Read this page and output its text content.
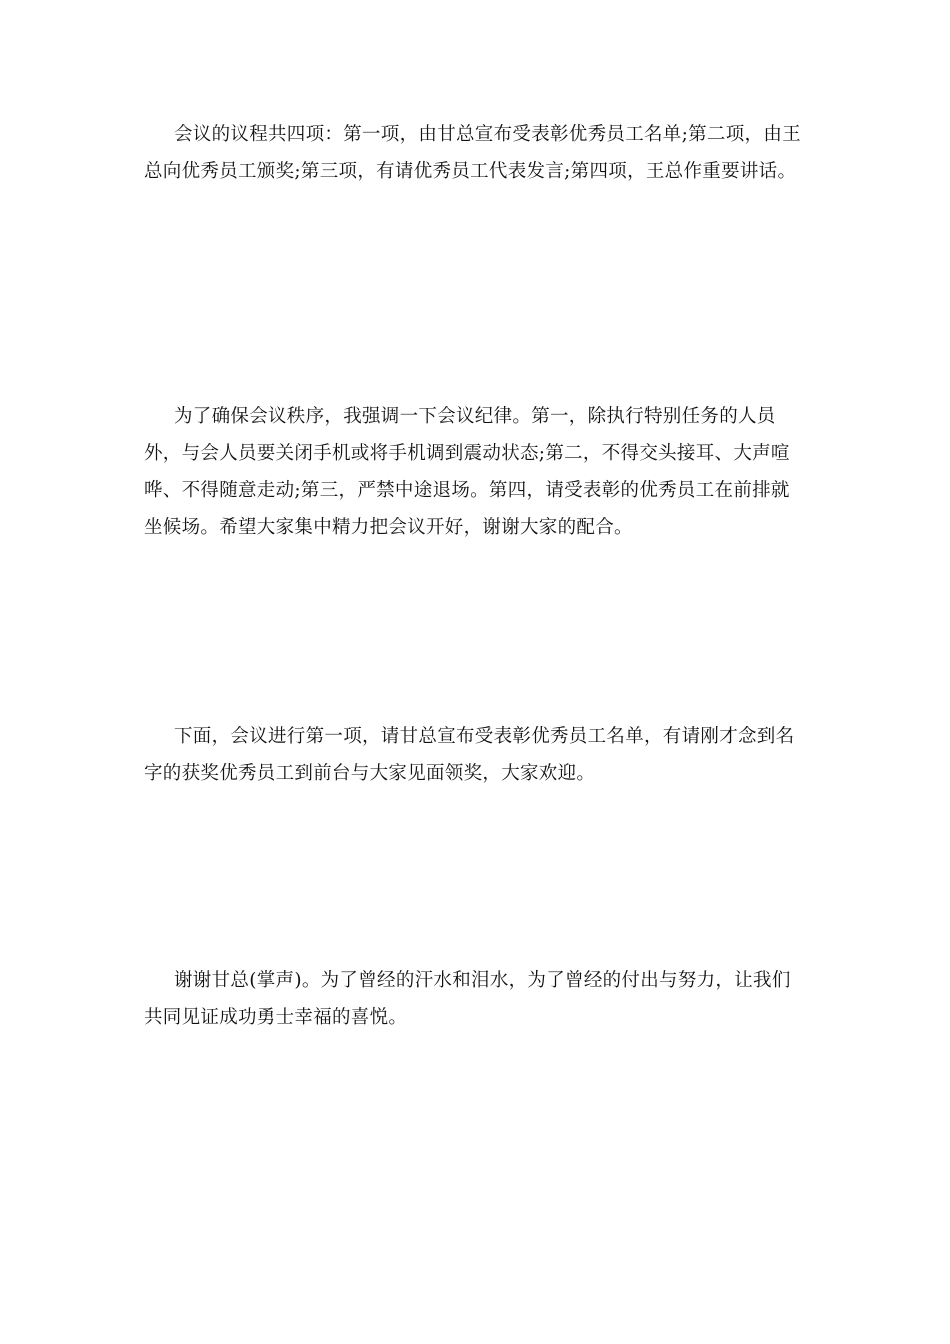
会议的议程共四项：第一项，由甘总宣布受表彰优秀员工名单;第二项，由王总向优秀员工颁奖;第三项，有请优秀员工代表发言;第四项，王总作重要讲话。

为了确保会议秩序，我强调一下会议纪律。第一，除执行特别任务的人员外，与会人员要关闭手机或将手机调到震动状态;第二，不得交头接耳、大声喧哗、不得随意走动;第三，严禁中途退场。第四，请受表彰的优秀员工在前排就坐候场。希望大家集中精力把会议开好，谢谢大家的配合。

下面，会议进行第一项，请甘总宣布受表彰优秀员工名单，有请刚才念到名字的获奖优秀员工到前台与大家见面领奖，大家欢迎。

谢谢甘总(掌声)。为了曾经的汗水和泪水，为了曾经的付出与努力，让我们共同见证成功勇士幸福的喜悦。
